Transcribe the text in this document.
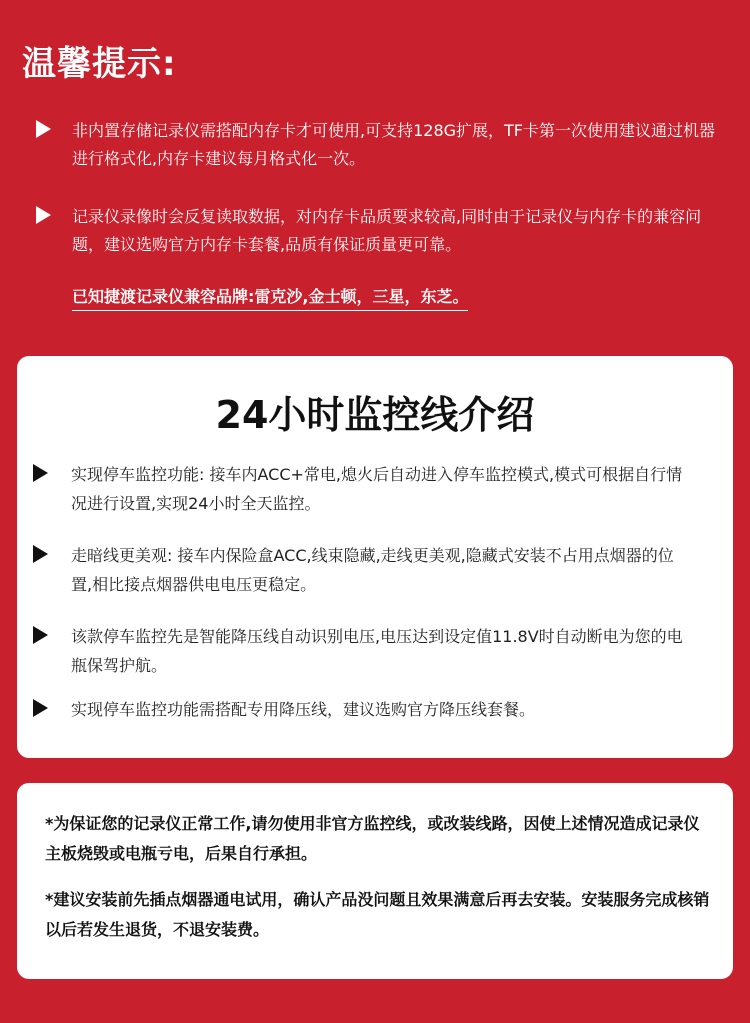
温馨提示:
非内置存储记录仪需搭配内存卡才可使用,可支持128G扩展，TF卡第一次使用建议通过机器进行格式化,内存卡建议每月格式化一次。
记录仪录像时会反复读取数据，对内存卡品质要求较高,同时由于记录仪与内存卡的兼容问题，建议选购官方内存卡套餐,品质有保证质量更可靠。
已知捷渡记录仪兼容品牌:雷克沙,金士顿，三星，东芝。
24小时监控线介绍
实现停车监控功能: 接车内ACC+常电,熄火后自动进入停车监控模式,模式可根据自行情况进行设置,实现24小时全天监控。
走暗线更美观: 接车内保险盒ACC,线束隐藏,走线更美观,隐藏式安装不占用点烟器的位置,相比接点烟器供电电压更稳定。
该款停车监控先是智能降压线自动识别电压,电压达到设定值11.8V时自动断电为您的电瓶保驾护航。
实现停车监控功能需搭配专用降压线，建议选购官方降压线套餐。
*为保证您的记录仪正常工作,请勿使用非官方监控线，或改装线路，因使上述情况造成记录仪主板烧毁或电瓶亏电，后果自行承担。
*建议安装前先插点烟器通电试用，确认产品没问题且效果满意后再去安装。安装服务完成核销以后若发生退货，不退安装费。
